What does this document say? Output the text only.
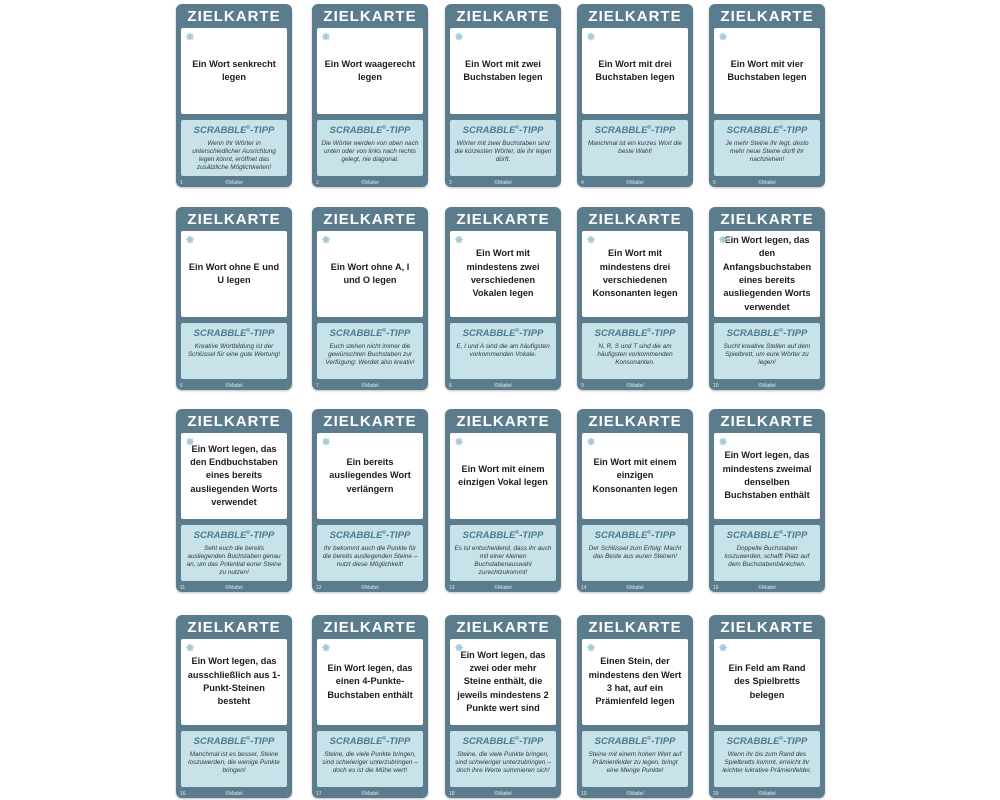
ZIELKARTE
✸
Ein Wort senkrecht legen
SCRABBLE®-TIPP
Wenn Ihr Wörter in unterschiedlicher Ausrichtung legen könnt, eröffnet das zusätzliche Möglichkeiten!
1	©Mattel
ZIELKARTE
✸
Ein Wort waagerecht legen
SCRABBLE®-TIPP
Die Wörter werden von oben nach unten oder von links nach rechts gelegt, nie diagonal.
2	©Mattel
ZIELKARTE
✸
Ein Wort mit zwei Buchstaben legen
SCRABBLE®-TIPP
Wörter mit zwei Buchstaben sind die kürzesten Wörter, die ihr legen dürft.
3	©Mattel
ZIELKARTE
✸
Ein Wort mit drei Buchstaben legen
SCRABBLE®-TIPP
Manchmal ist ein kurzes Wort die beste Wahl!
4	©Mattel
ZIELKARTE
✸
Ein Wort mit vier Buchstaben legen
SCRABBLE®-TIPP
Je mehr Steine ihr legt, desto mehr neue Steine dürft ihr nachziehen!
5	©Mattel
ZIELKARTE
✸
Ein Wort ohne E und U legen
SCRABBLE®-TIPP
Kreative Wortbildung ist der Schlüssel für eine gute Wertung!
6	©Mattel
ZIELKARTE
✸
Ein Wort ohne A, I und O legen
SCRABBLE®-TIPP
Euch stehen nicht immer die gewünschten Buchstaben zur Verfügung: Werdet also kreativ!
7	©Mattel
ZIELKARTE
✸
Ein Wort mit mindestens zwei verschiedenen Vokalen legen
SCRABBLE®-TIPP
E, I und A sind die am häufigsten vorkommenden Vokale.
8	©Mattel
ZIELKARTE
✸
Ein Wort mit mindestens drei verschiedenen Konsonanten legen
SCRABBLE®-TIPP
N, R, S und T sind die am häufigsten vorkommenden Konsonanten.
9	©Mattel
ZIELKARTE
✸
Ein Wort legen, das den Anfangsbuchstaben eines bereits ausliegenden Worts verwendet
SCRABBLE®-TIPP
Sucht kreative Stellen auf dem Spielbrett, um eure Wörter zu legen!
10	©Mattel
ZIELKARTE
✸
Ein Wort legen, das den Endbuchstaben eines bereits ausliegenden Worts verwendet
SCRABBLE®-TIPP
Seht euch die bereits ausliegenden Buchstaben genau an, um das Potential eurer Steine zu nutzen!
11	©Mattel
ZIELKARTE
✸
Ein bereits ausliegendes Wort verlängern
SCRABBLE®-TIPP
Ihr bekommt auch die Punkte für die bereits ausliegenden Steine – nutzt diese Möglichkeit!
12	©Mattel
ZIELKARTE
✸
Ein Wort mit einem einzigen Vokal legen
SCRABBLE®-TIPP
Es ist entscheidend, dass ihr auch mit einer kleinen Buchstabenauswahl zurechtzukommt!
13	©Mattel
ZIELKARTE
✸
Ein Wort mit einem einzigen Konsonanten legen
SCRABBLE®-TIPP
Der Schlüssel zum Erfolg: Macht das Beste aus euren Steinen!
14	©Mattel
ZIELKARTE
✸
Ein Wort legen, das mindestens zweimal denselben Buchstaben enthält
SCRABBLE®-TIPP
Doppelte Buchstaben loszuwerden, schafft Platz auf dem Buchstabenbänkchen.
15	©Mattel
ZIELKARTE
✸
Ein Wort legen, das ausschließlich aus 1-Punkt-Steinen besteht
SCRABBLE®-TIPP
Manchmal ist es besser, Steine loszuwerden, die wenige Punkte bringen!
16	©Mattel
ZIELKARTE
✸
Ein Wort legen, das einen 4-Punkte-Buchstaben enthält
SCRABBLE®-TIPP
Steine, die viele Punkte bringen, sind schwieriger unterzubringen – doch es ist die Mühe wert!
17	©Mattel
ZIELKARTE
✸
Ein Wort legen, das zwei oder mehr Steine enthält, die jeweils mindestens 2 Punkte wert sind
SCRABBLE®-TIPP
Steine, die viele Punkte bringen, sind schwieriger unterzubringen – doch ihre Werte summieren sich!
18	©Mattel
ZIELKARTE
✸
Einen Stein, der mindestens den Wert 3 hat, auf ein Prämienfeld legen
SCRABBLE®-TIPP
Steine mit einem hohen Wert auf Prämienfelder zu legen, bringt eine Menge Punkte!
19	©Mattel
ZIELKARTE
✸
Ein Feld am Rand des Spielbretts belegen
SCRABBLE®-TIPP
Wenn ihr bis zum Rand des Spielbretts kommt, erreicht ihr leichter lukrative Prämienfelder.
20	©Mattel
